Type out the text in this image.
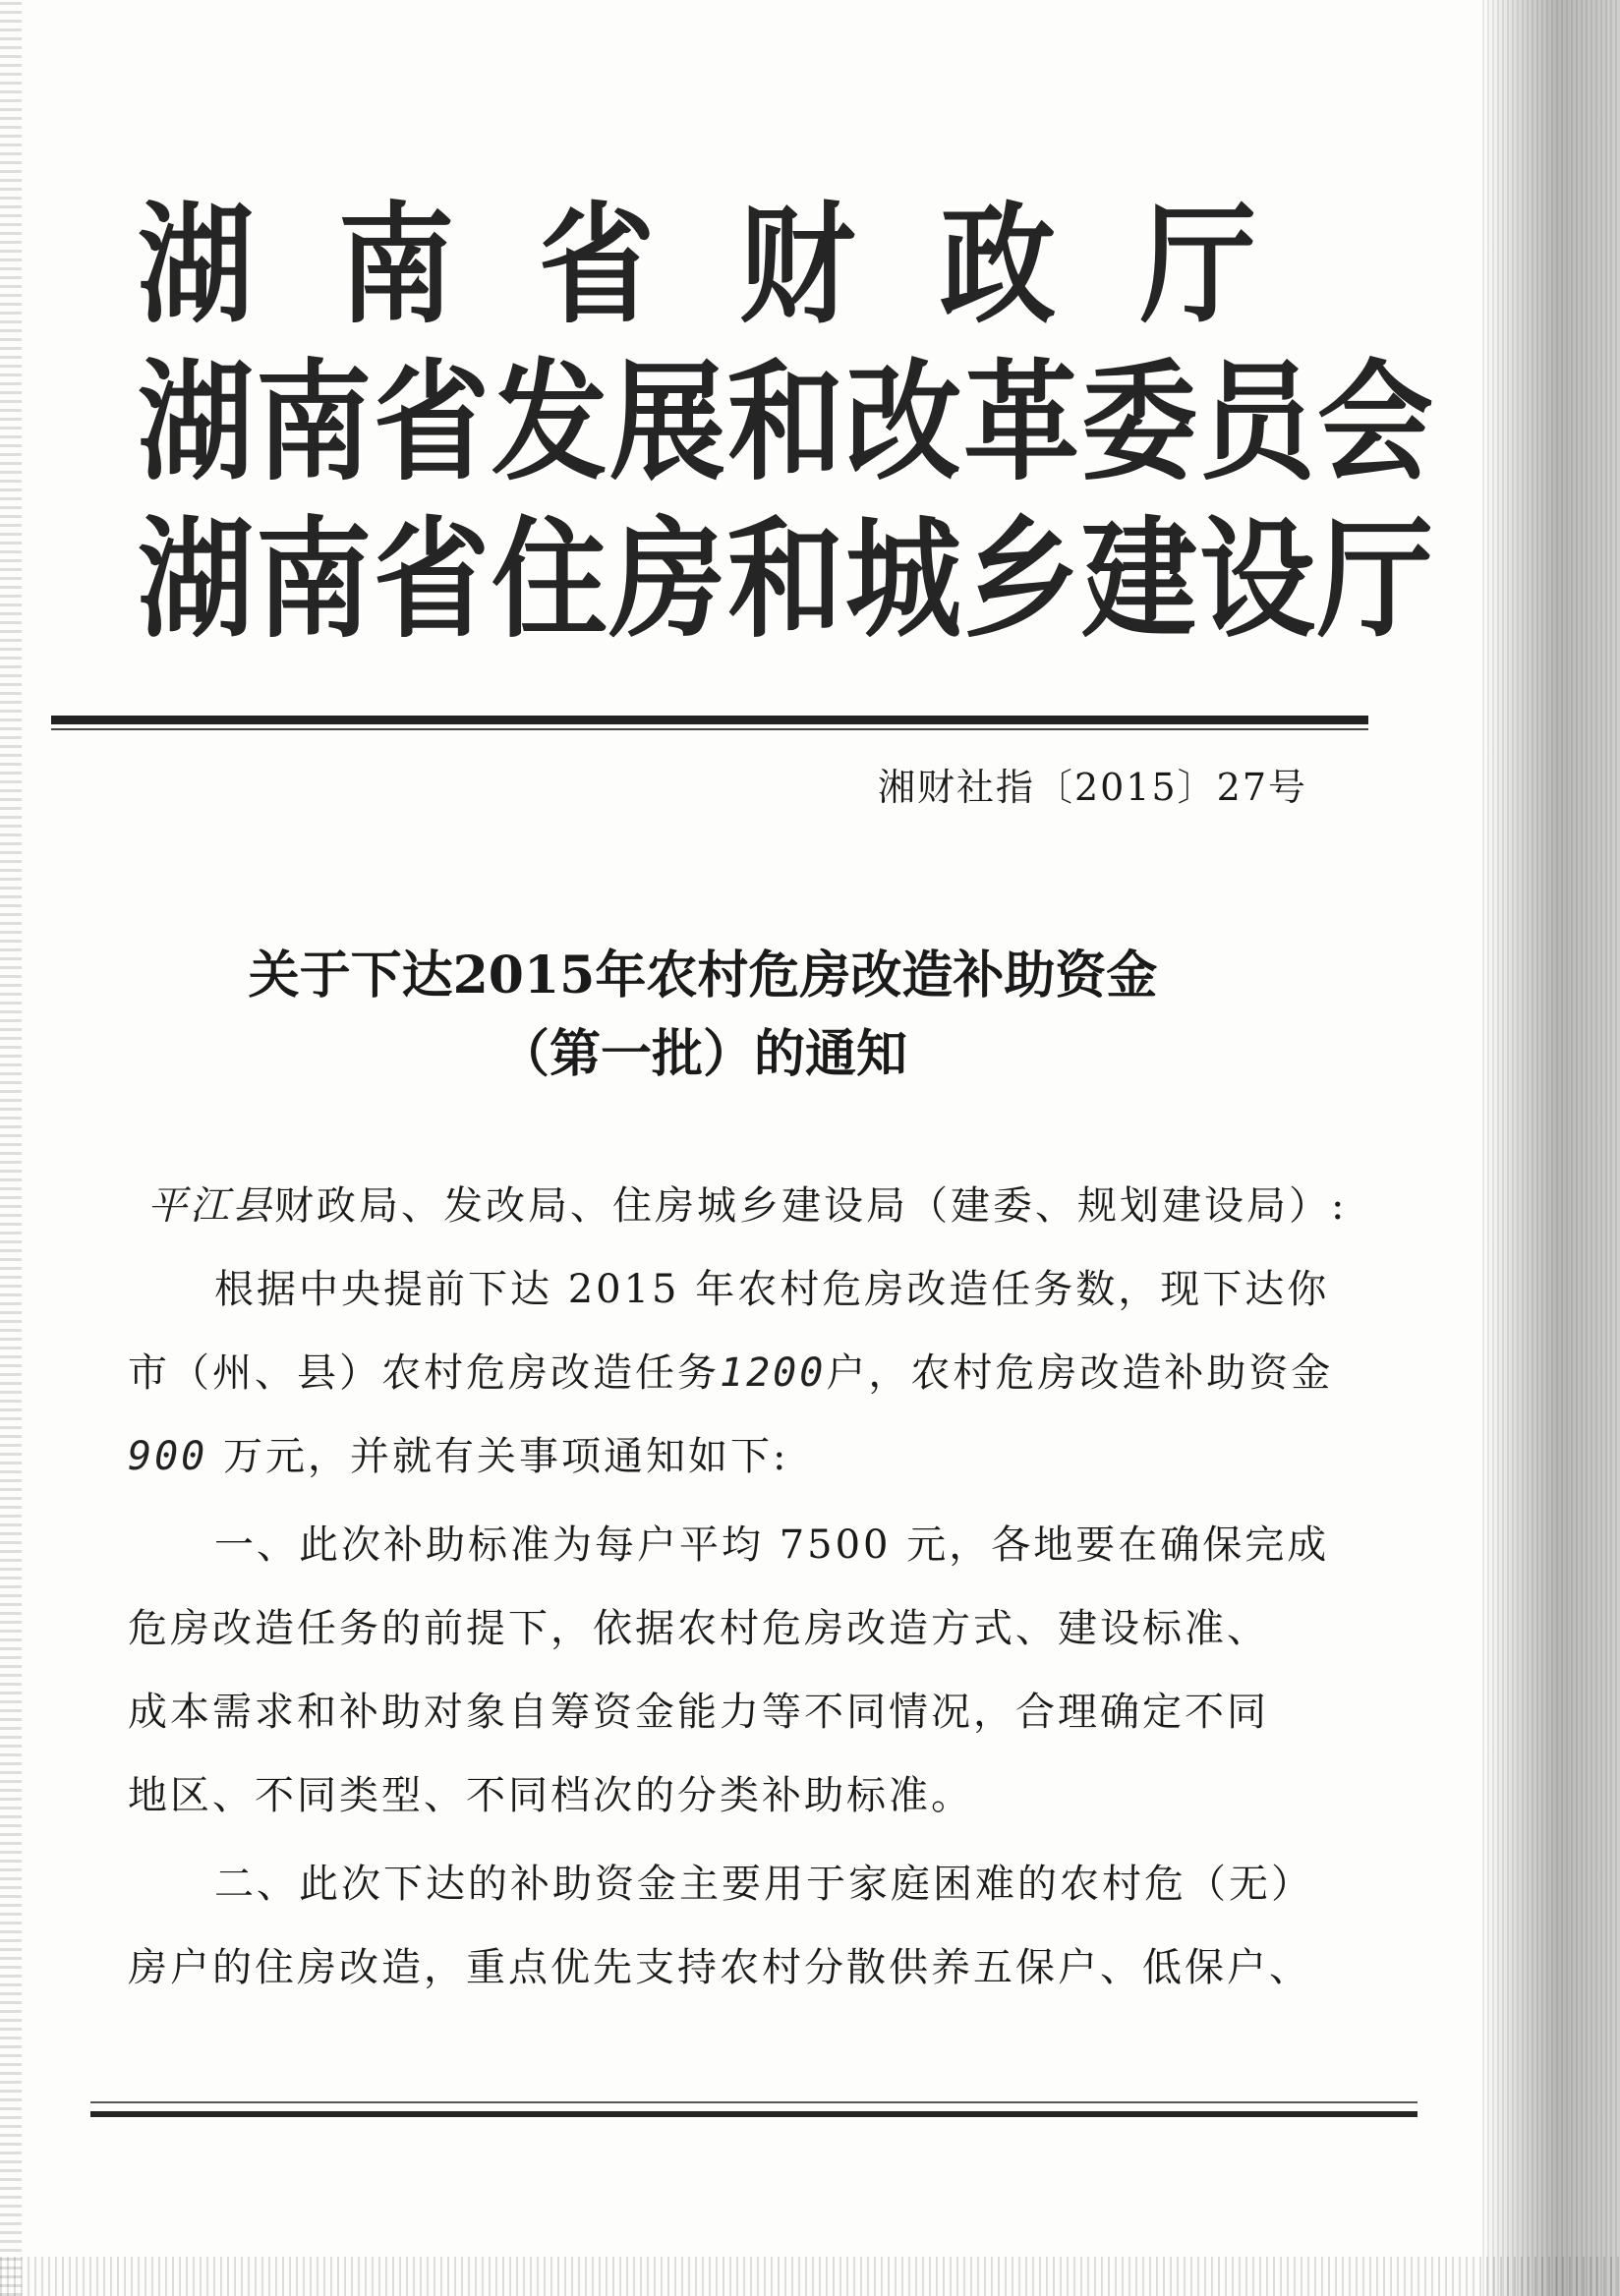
湖南省财政厅
湖南省发展和改革委员会
湖南省住房和城乡建设厅
湘财社指〔2015〕27号
关于下达2015年农村危房改造补助资金
（第一批）的通知
平江县财政局、发改局、住房城乡建设局（建委、规划建设局）:
根据中央提前下达 2015 年农村危房改造任务数，现下达你
市（州、县）农村危房改造任务1200户，农村危房改造补助资金
900 万元，并就有关事项通知如下:
一、此次补助标准为每户平均 7500 元，各地要在确保完成
危房改造任务的前提下，依据农村危房改造方式、建设标准、
成本需求和补助对象自筹资金能力等不同情况，合理确定不同
地区、不同类型、不同档次的分类补助标准。
二、此次下达的补助资金主要用于家庭困难的农村危（无）
房户的住房改造，重点优先支持农村分散供养五保户、低保户、
